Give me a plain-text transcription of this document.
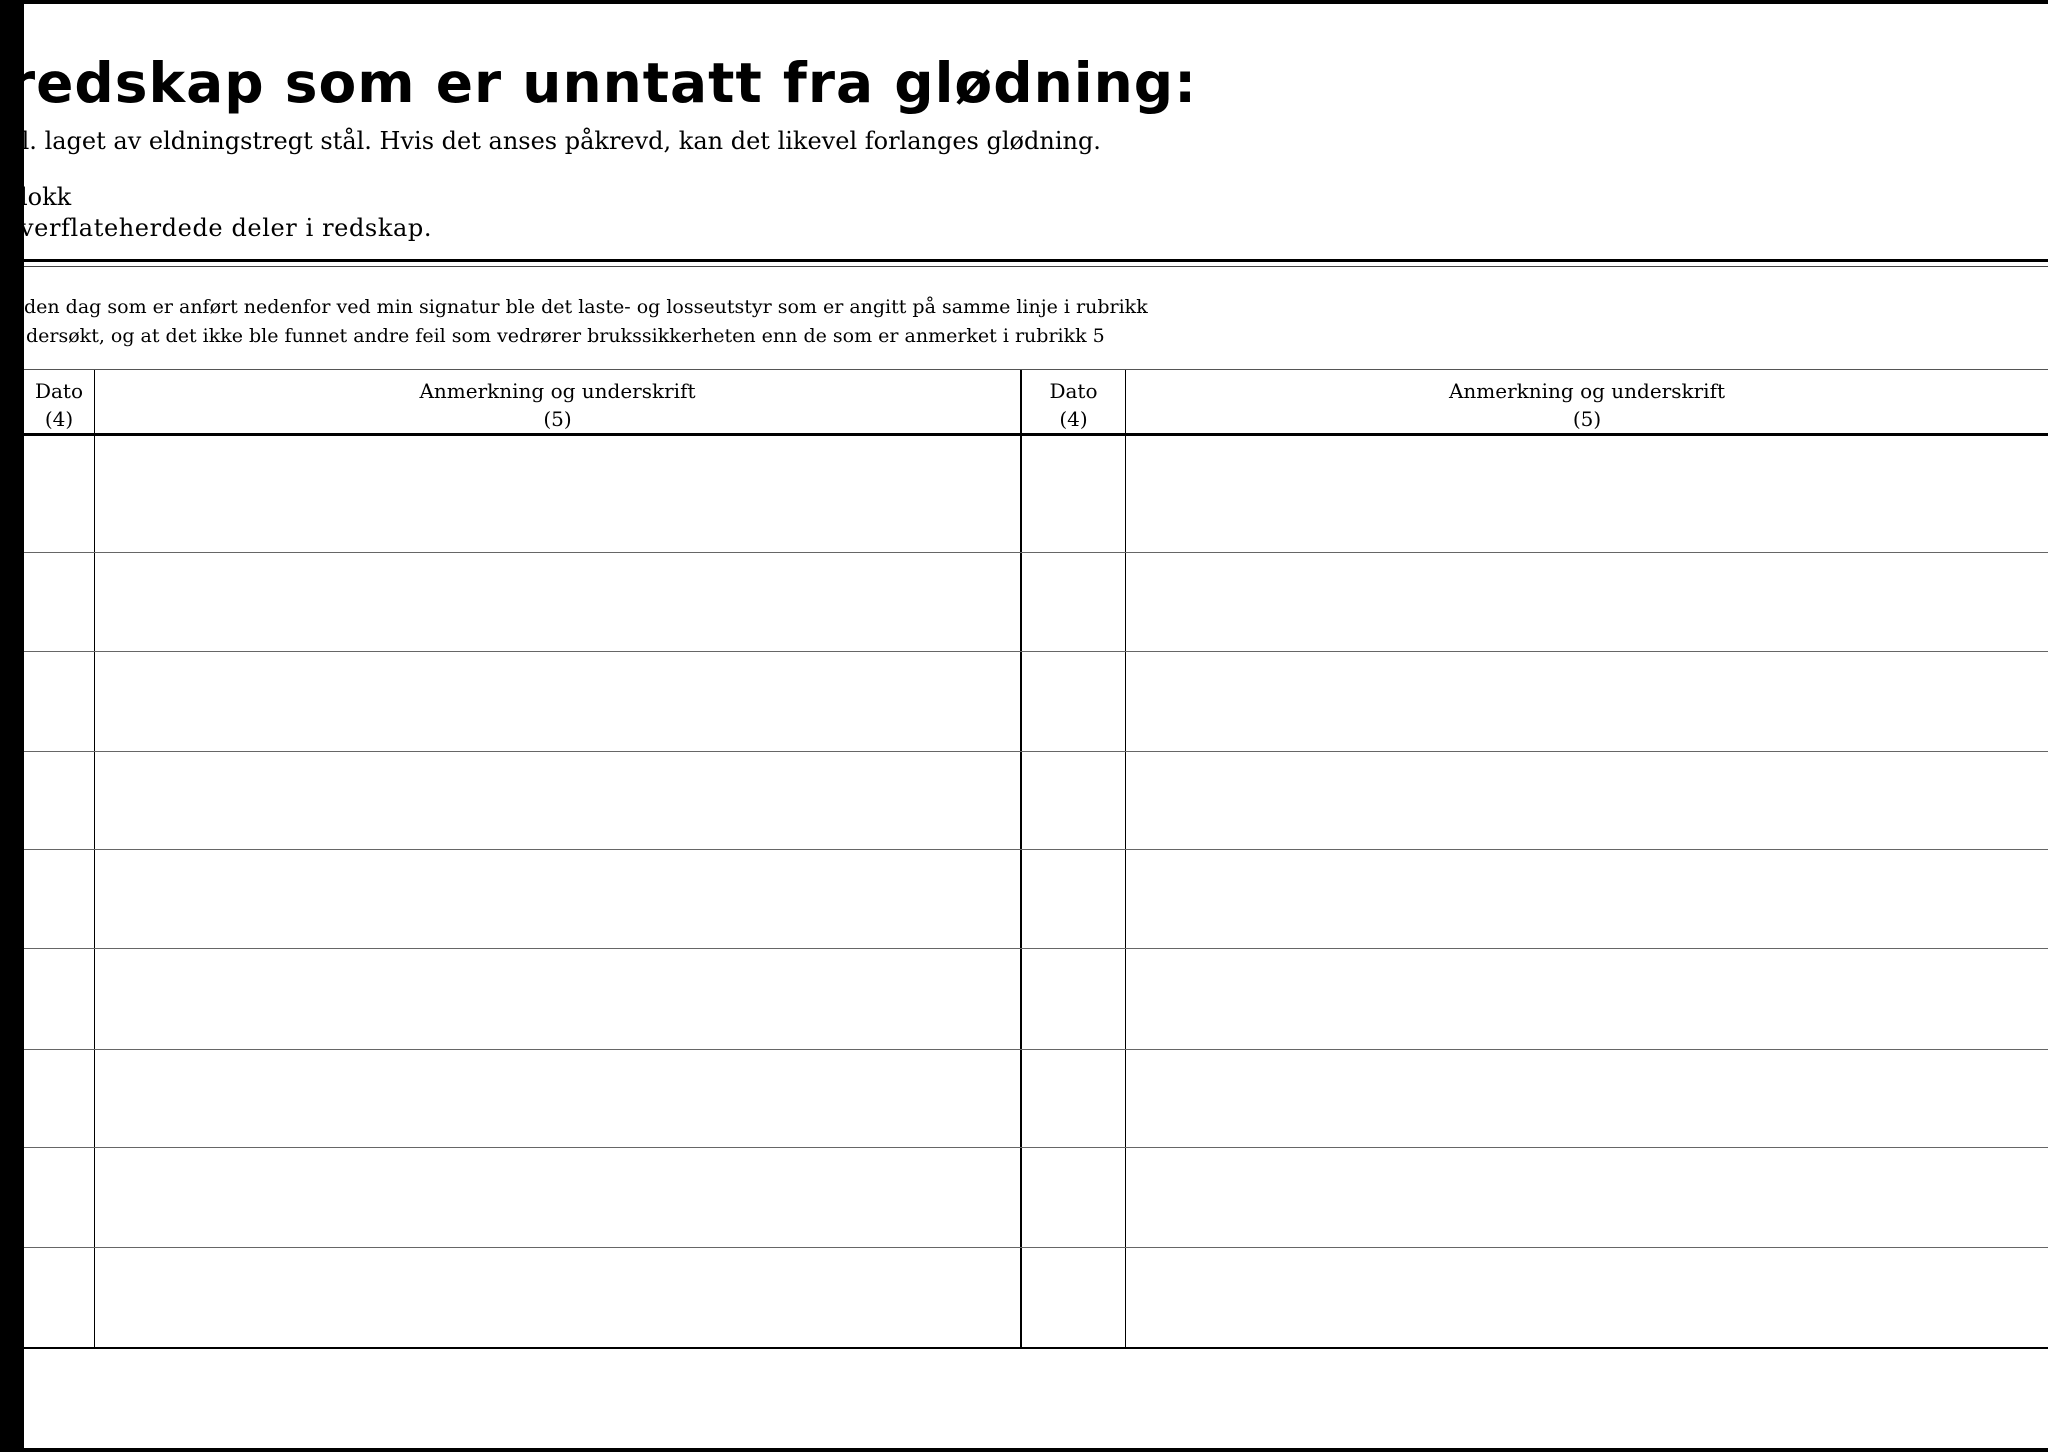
redskap som er unntatt fra glødning:
.l. laget av eldningstregt stål. Hvis det anses påkrevd, kan det likevel forlanges glødning.
lokk
verflateherdede deler i redskap.
den dag som er anført nedenfor ved min signatur ble det laste- og losseutstyr som er angitt på samme linje i rubrikk
dersøkt, og at det ikke ble funnet andre feil som vedrører brukssikkerheten enn de som er anmerket i rubrikk 5
Dato
(4)
Anmerkning og underskrift
(5)
Dato
(4)
Anmerkning og underskrift
(5)
